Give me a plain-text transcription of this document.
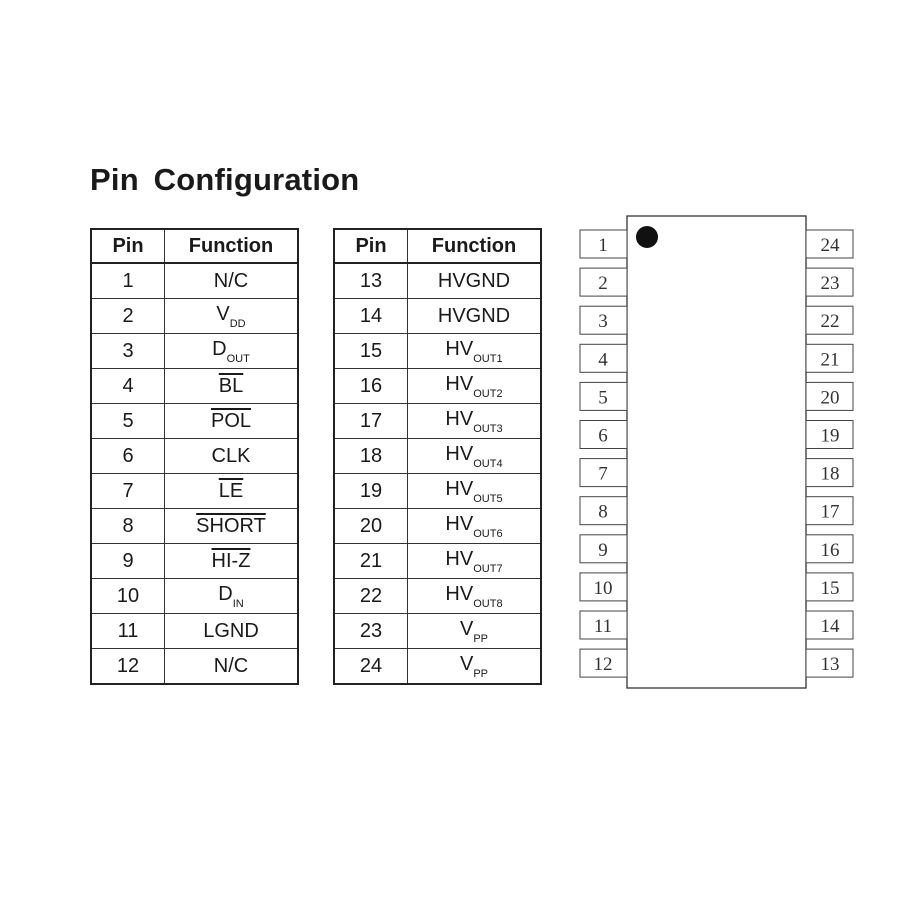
Pin Configuration
Pin	Function
1	N/C
2	$V_{DD}$
3	$D_{OUT}$
4	$\overline{BL}$
5	$\overline{POL}$
6	CLK
7	$\overline{LE}$
8	SHORT
9	HI-Z
10	$D_{IN}$
11	LGND
12	N/C
Pin	Function
13	HVGND
14	HVGND
15	$HV_{OUT1}$
16	$HV_{OUT2}$
17	$HV_{OUT3}$
18	$HV_{OUT4}$
19	$HV_{OUT5}$
20	$HV_{OUT6}$
21	$HV_{OUT7}$
22	$HV_{OUT8}$
23	$V_{PP}$
24	$V_{PP}$
1
2
3
4
5
6
7
8
9
10
11
12
24
23
22
21
20
19
18
17
16
15
14
13
